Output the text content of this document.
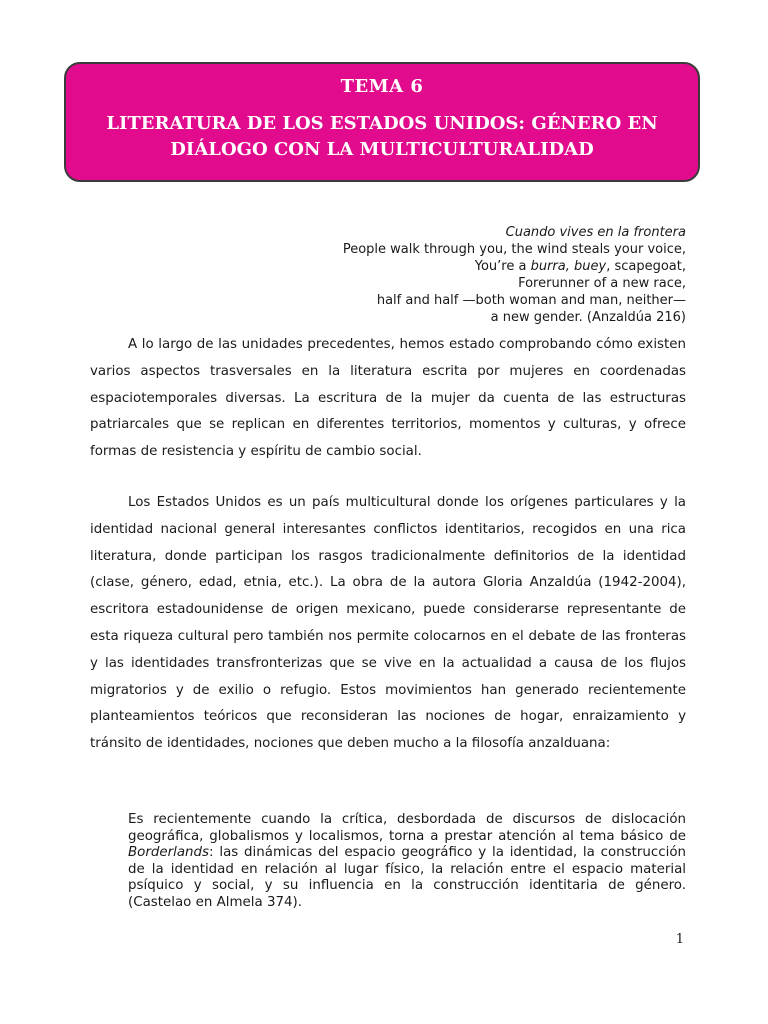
TEMA 6
LITERATURA DE LOS ESTADOS UNIDOS: GÉNERO EN DIÁLOGO CON LA MULTICULTURALIDAD
Cuando vives en la frontera
People walk through you, the wind steals your voice,
You’re a burra, buey, scapegoat,
Forerunner of a new race,
half and half —both woman and man, neither—
a new gender. (Anzaldúa 216)

A lo largo de las unidades precedentes, hemos estado comprobando cómo existen varios aspectos trasversales en la literatura escrita por mujeres en coordenadas espaciotemporales diversas. La escritura de la mujer da cuenta de las estructuras patriarcales que se replican en diferentes territorios, momentos y culturas, y ofrece formas de resistencia y espíritu de cambio social.

Los Estados Unidos es un país multicultural donde los orígenes particulares y la identidad nacional general interesantes conflictos identitarios, recogidos en una rica literatura, donde participan los rasgos tradicionalmente definitorios de la identidad (clase, género, edad, etnia, etc.). La obra de la autora Gloria Anzaldúa (1942-2004), escritora estadounidense de origen mexicano, puede considerarse representante de esta riqueza cultural pero también nos permite colocarnos en el debate de las fronteras y las identidades transfronterizas que se vive en la actualidad a causa de los flujos migratorios y de exilio o refugio. Estos movimientos han generado recientemente planteamientos teóricos que reconsideran las nociones de hogar, enraizamiento y tránsito de identidades, nociones que deben mucho a la filosofía anzalduana:

Es recientemente cuando la crítica, desbordada de discursos de dislocación geográfica, globalismos y localismos, torna a prestar atención al tema básico de Borderlands: las dinámicas del espacio geográfico y la identidad, la construcción de la identidad en relación al lugar físico, la relación entre el espacio material psíquico y social, y su influencia en la construcción identitaria de género. (Castelao en Almela 374).

1
